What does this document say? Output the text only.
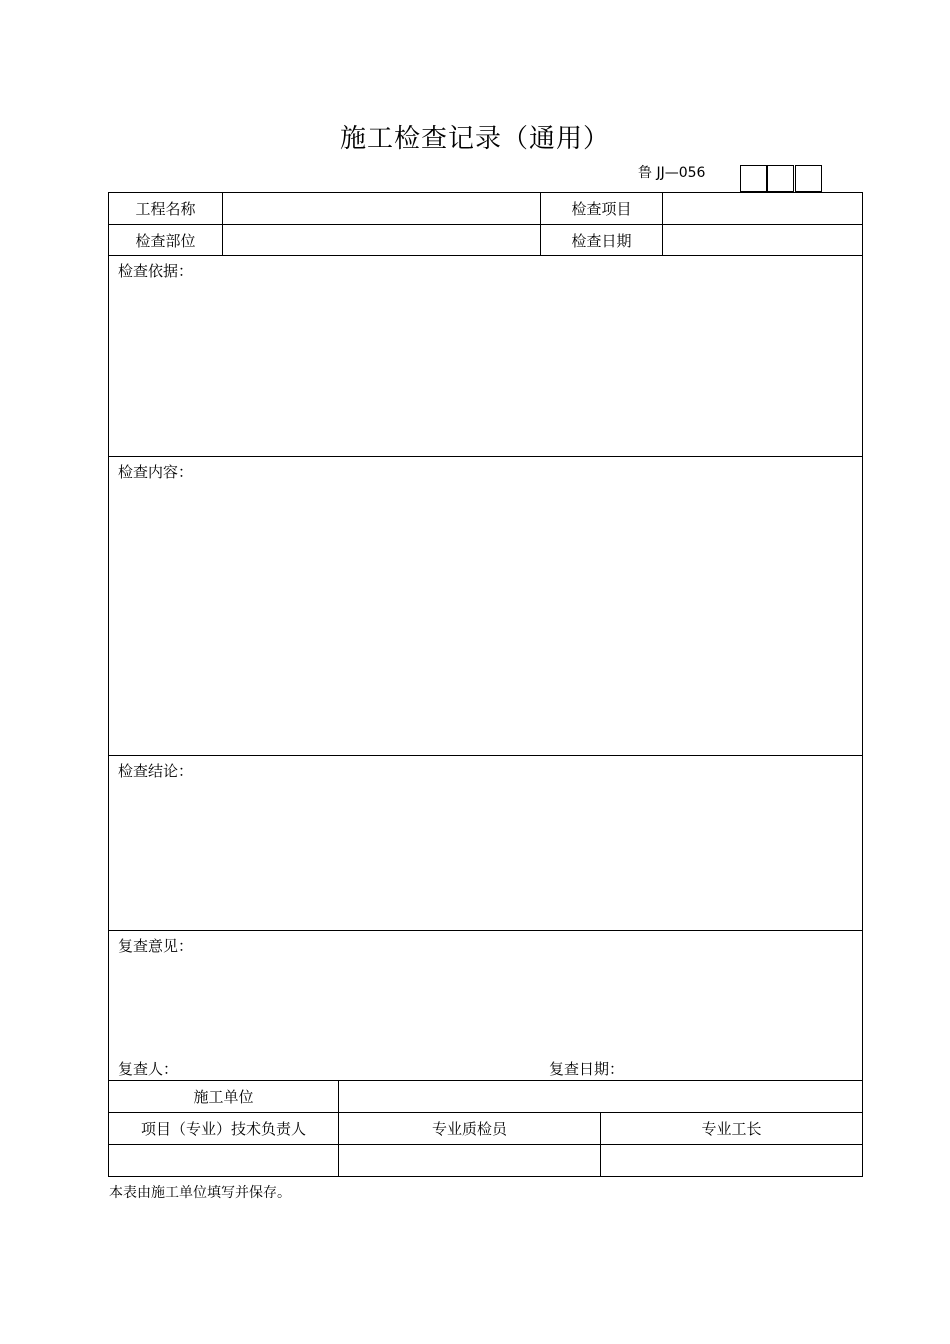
施工检查记录（通用）
鲁 JJ—056
工程名称	检查项目
检查部位	检查日期
检查依据：
检查内容：
检查结论：
复查意见：
复查人：	复查日期：
施工单位
项目（专业）技术负责人	专业质检员	专业工长
本表由施工单位填写并保存。
